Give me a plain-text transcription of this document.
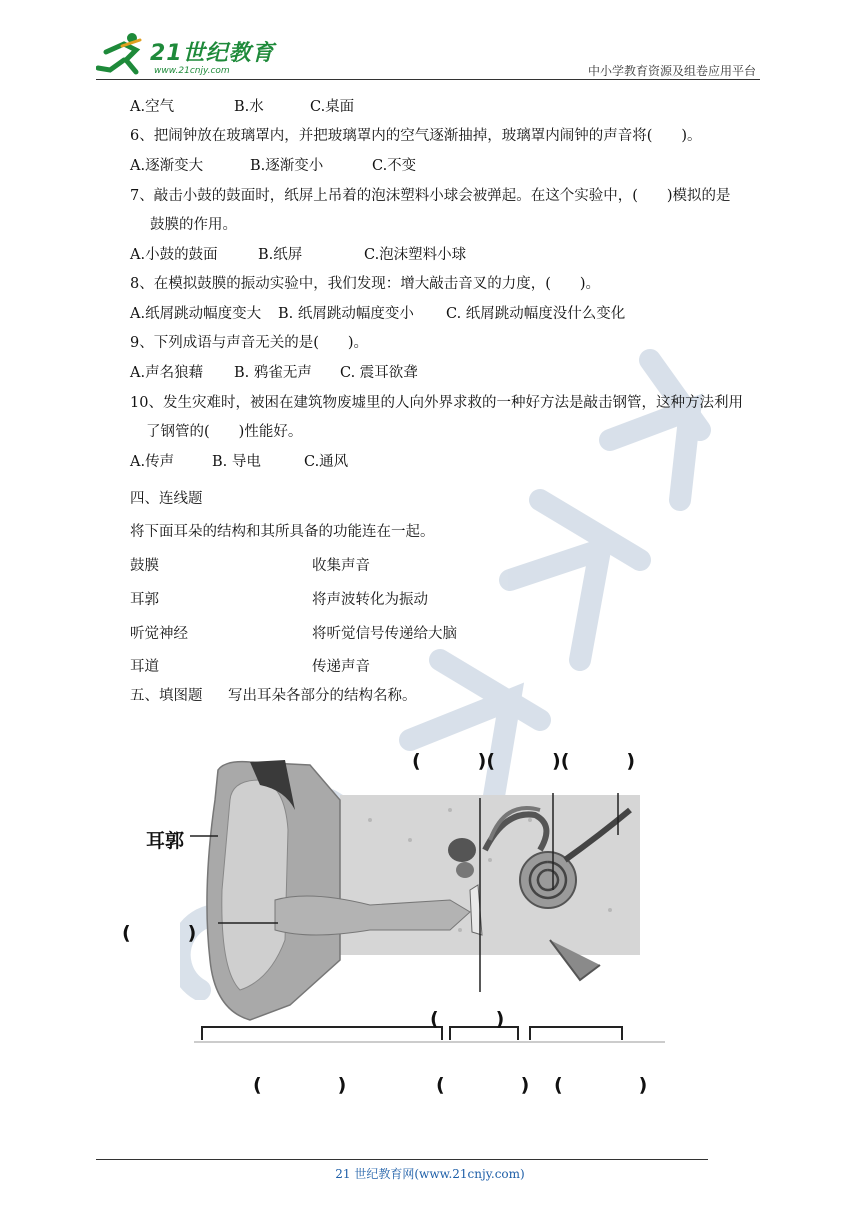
21世纪教育
www.21cnjy.com	中小学教育资源及组卷应用平台
A.空气	B.水	C.桌面
6、把闹钟放在玻璃罩内，并把玻璃罩内的空气逐渐抽掉，玻璃罩内闹钟的声音将(　　)。
A.逐渐变大	B.逐渐变小	C.不变
7、敲击小鼓的鼓面时，纸屏上吊着的泡沫塑料小球会被弹起。在这个实验中，(　　)模拟的是
鼓膜的作用。
A.小鼓的鼓面	B.纸屏	C.泡沫塑料小球
8、在模拟鼓膜的振动实验中，我们发现：增大敲击音叉的力度，(　　)。
A.纸屑跳动幅度变大 B. 纸屑跳动幅度变小 C. 纸屑跳动幅度没什么变化
9、下列成语与声音无关的是(　　)。
A.声名狼藉 B. 鸦雀无声 C. 震耳欲聋
10、发生灾难时，被困在建筑物废墟里的人向外界求救的一种好方法是敲击钢管，这种方法利用
了钢管的(　　)性能好。
A.传声	B. 导电	C.通风
四、连线题
将下面耳朵的结构和其所具备的功能连在一起。
鼓膜	收集声音
耳郭	将声波转化为振动
听觉神经	将听觉信号传递给大脑
耳道	传递声音
五、填图题 写出耳朵各部分的结构名称。
(　　　)(　　　)(　　　)
耳郭
(　　　)
(　　　)
(　　　　)	(　　　　) (　　　　)
21 世纪教育网(www.21cnjy.com)
